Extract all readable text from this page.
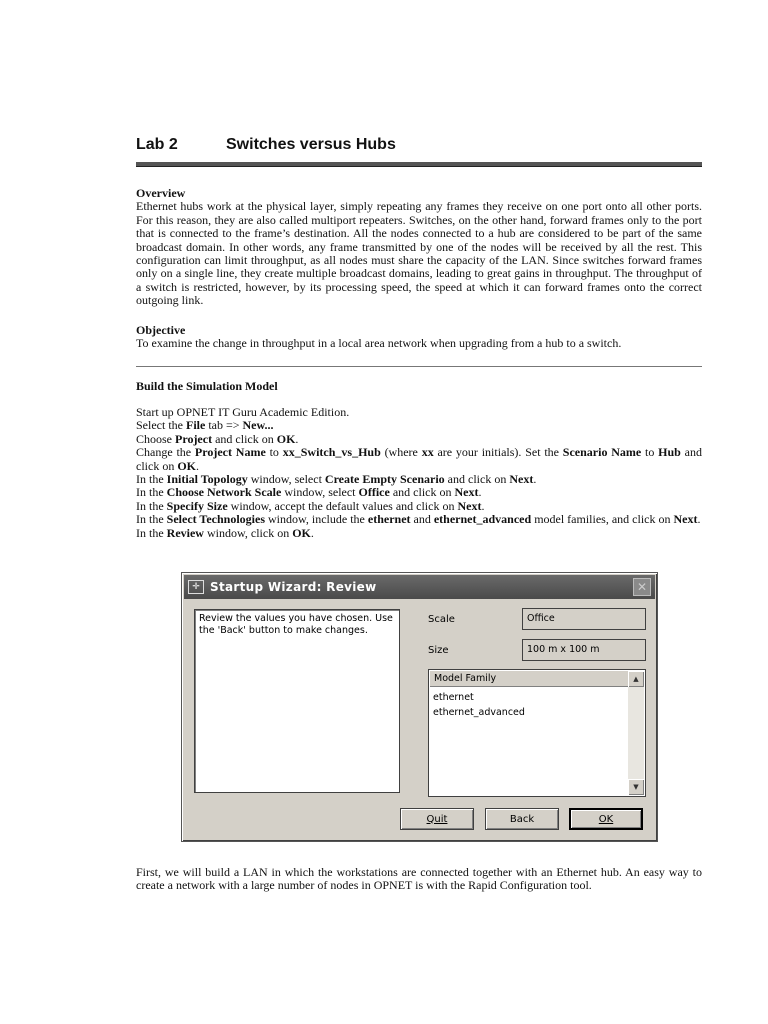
Lab 2	Switches versus Hubs
Overview

Ethernet hubs work at the physical layer, simply repeating any frames they receive on one port onto all other ports. For this reason, they are also called multiport repeaters. Switches, on the other hand, forward frames only to the port that is connected to the frame’s destination. All the nodes connected to a hub are considered to be part of the same broadcast domain. In other words, any frame transmitted by one of the nodes will be received by all the rest. This configuration can limit throughput, as all nodes must share the capacity of the LAN. Since switches forward frames only on a single line, they create multiple broadcast domains, leading to great gains in throughput. The throughput of a switch is restricted, however, by its processing speed, the speed at which it can forward frames onto the correct outgoing link.

Objective

To examine the change in throughput in a local area network when upgrading from a hub to a switch.

Build the Simulation Model
Start up OPNET IT Guru Academic Edition.
Select the File tab => New...
Choose Project and click on OK.
Change the Project Name to xx_Switch_vs_Hub (where xx are your initials). Set the Scenario Name to Hub and click on OK.
In the Initial Topology window, select Create Empty Scenario and click on Next.
In the Choose Network Scale window, select Office and click on Next.
In the Specify Size window, accept the default values and click on Next.
In the Select Technologies window, include the ethernet and ethernet_advanced model families, and click on Next.
In the Review window, click on OK.
✛ Startup Wizard: Review	✕
Review the values you have chosen. Use the 'Back' button to make changes.
Scale	Office
Size	100 m x 100 m
Model Family
ethernet
ethernet_advanced
▲
▼
Quit	Back	OK
First, we will build a LAN in which the workstations are connected together with an Ethernet hub. An easy way to create a network with a large number of nodes in OPNET is with the Rapid Configuration tool.
